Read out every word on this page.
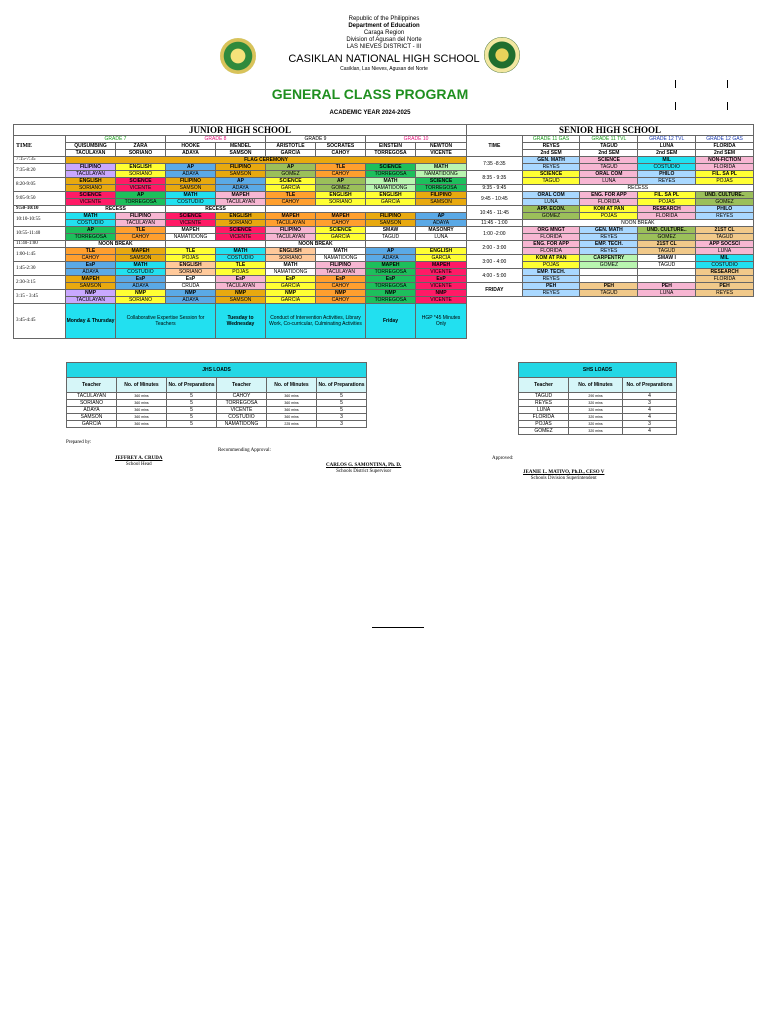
Republic of the Philippines
Department of Education
Caraga Region
Division of Agusan del Norte
LAS NIEVES DISTRICT - III
CASIKLAN NATIONAL HIGH SCHOOL
Casiklan, Las Nieves, Agusan del Norte
GENERAL CLASS PROGRAM
ACADEMIC YEAR 2024-2025
JUNIOR HIGH SCHOOL								
TIME	GRADE 7		GRADE 8		GRADE 9		GRADE 10	
	QUISUMBING	ZARA	HOOKE	MENDEL	ARISTOTLE	SOCRATES	EINSTEIN	NEWTON
	TACULAYAN	SORIANO	ADAYA	SAMSON	GARCIA	CAHOY	TORREGOSA	VICENTE
7:15-7:35	FLAG CEREMONY							
7:35-8:20	FILIPINO	ENGLISH	AP	FILIPINO	AP	TLE	SCIENCE	MATH
	TACULAYAN	SORIANO	ADAYA	SAMSON	GOMEZ	CAHOY	TORREGOSA	NAMATIDONG
8:20-9:05	ENGLISH	SCIENCE	FILIPINO	AP	SCIENCE	AP	MATH	SCIENCE
	SORIANO	VICENTE	SAMSON	ADAYA	GARCIA	GOMEZ	NAMATIDONG	TORREGOSA
9:05-9:50	SCIENCE	AP	MATH	MAPEH	TLE	ENGLISH	ENGLISH	FILIPINO
	VICENTE	TORREGOSA	COSTUDIO	TACULAYAN	CAHOY	SORIANO	GARCIA	SAMSON
9:50-10:10	RECESS		RECESS					
10:10-10:55	MATH	FILIPINO	SCIENCE	ENGLISH	MAPEH	MAPEH	FILIPINO	AP
	COSTUDIO	TACULAYAN	VICENTE	SORIANO	TACULAYAN	CAHOY	SAMSON	ADAYA
10:55-11:40	AP	TLE	MAPEH	SCIENCE	FILIPINO	SCIENCE	SMAW	MASONRY
	TORREGOSA	CAHOY	NAMATIDONG	VICENTE	TACULAYAN	GARCIA	TAGUD	LUNA
11:40-1:00	NOON BREAK				NOON BREAK			
1:00-1:45	TLE	MAPEH	TLE	MATH	ENGLISH	MATH	AP	ENGLISH
	CAHOY	SAMSON	POJAS	COSTUDIO	SORIANO	NAMATIDONG	ADAYA	GARCIA
1:45-2:30	EsP	MATH	ENGLISH	TLE	MATH	FILIPINO	MAPEH	MAPEH
	ADAYA	COSTUDIO	SORIANO	POJAS	NAMATIDONG	TACULAYAN	TORREGOSA	VICENTE
2:30-3:15	MAPEH	EsP	EsP	EsP	EsP	EsP	EsP	EsP
	SAMSON	ADAYA	CRUDA	TACULAYAN	GARCIA	CAHOY	TORREGOSA	VICENTE
3:15 - 3:45	NMP	NMP	NMP	NMP	NMP	NMP	NMP	NMP
	TACULAYAN	SORIANO	ADAYA	SAMSON	GARCIA	CAHOY	TORREGOSA	VICENTE
3:45-4:45	Monday & Thursday	Collaborative Expertise Session for Teachers		Tuesday to Wednesday	Conduct of Intervention Activities, Library Work, Co-curricular, Culminating Activities		Friday	HGP *45 Minutes Only
SENIOR HIGH SCHOOL				
TIME	GRADE 11 GAS	GRADE 11 TVL	GRADE 12 TVL	GRADE 12 GAS
	REYES	TAGUD	LUNA	FLORIDA
	2nd SEM	2nd SEM	2nd SEM	2nd SEM
7:35 -8:35	GEN. MATH	SCIENCE	MIL	NON-FICTION
	REYES	TAGUD	COSTUDIO	FLORIDA
8:35 - 9:35	SCIENCE	ORAL COM	PHILO	FIL. SA PL
	TAGUD	LUNA	REYES	POJAS
9:35 - 9:45	RECESS			
9:45 - 10:45	ORAL COM	ENG. FOR APP	FIL. SA PL	UND. CULTURE..
	LUNA	FLORIDA	POJAS	GOMEZ
10:45 - 11:45	APP. ECON.	KOM AT PAN	RESEARCH	PHILO
	GOMEZ	POJAS	FLORIDA	REYES
11:45 - 1:00	NOON BREAK			
1:00 -2:00	ORG MNGT	GEN. MATH	UND. CULTURE..	21ST CL
	FLORIDA	REYES	GOMEZ	TAGUD
2:00 - 3:00	ENG. FOR APP	EMP. TECH.	21ST CL	APP SOCSCI
	FLORIDA	REYES	TAGUD	LUNA
3:00 - 4:00	KOM AT PAN	CARPENTRY	SMAW I	MIL
	POJAS	GOMEZ	TAGUD	COSTUDIO
4:00 - 5:00	EMP. TECH.			RESEARCH
	REYES			FLORIDA
FRIDAY	PEH	PEH	PEH	PEH
	REYES	TAGUD	LUNA	REYES
JHS LOADS					
Teacher	No. of Minutes	No. of Preparations	Teacher	No. of Minutes	No. of Preparations
TACULAYAN	360 mins	5	CAHOY	360 mins	5
SORIANO	360 mins	5	TORREGOSA	360 mins	5
ADAYA	360 mins	5	VICENTE	360 mins	5
SAMSON	360 mins	5	COSTUDIO	360 mins	3
GARCIA	360 mins	5	NAMATIDONG	225 mins	3
SHS LOADS		
Teacher	No. of Minutes	No. of Preparations
TAGUD	290 mins	4
REYES	320 mins	3
LUNA	320 mins	4
FLORIDA	320 mins	4
POJAS	320 mins	3
GOMEZ	320 mins	4
Prepared by:
JEFFREY A. CRUDA
School Head
Recommending Approval:
CARLOS G. SAMONTINA, Ph. D.
Schools District Supervisor
Approved:
JEANIE L. MATIVO, Ph.D., CESO V
Schools Division Superintendent
